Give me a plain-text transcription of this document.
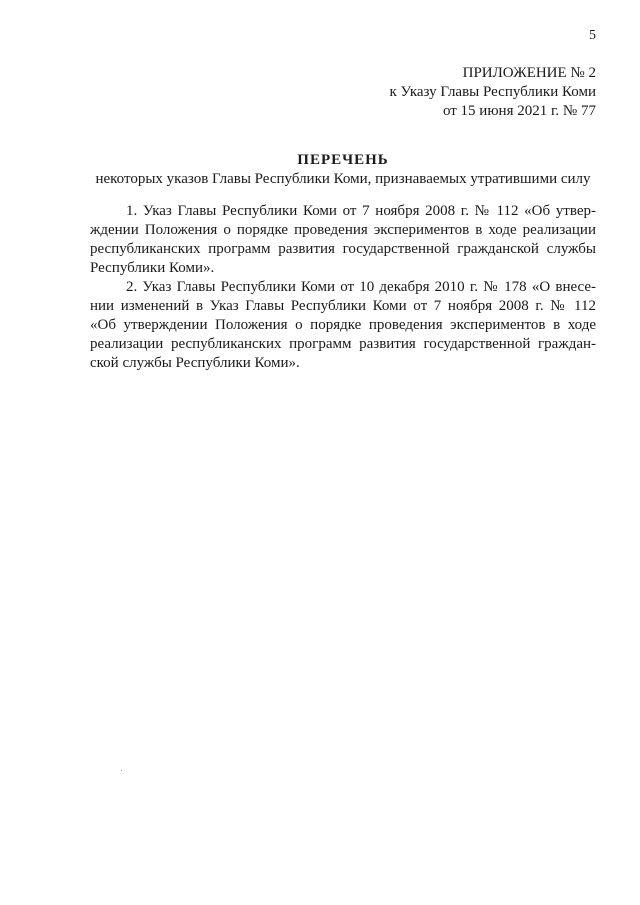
5
ПРИЛОЖЕНИЕ № 2
к Указу Главы Республики Коми
от 15 июня 2021 г. № 77
ПЕРЕЧЕНЬ
некоторых указов Главы Республики Коми, признаваемых утратившими силу
1. Указ Главы Республики Коми от 7 ноября 2008 г. № 112 «Об утвер-
ждении Положения о порядке проведения экспериментов в ходе реализации
республиканских программ развития государственной гражданской службы
Республики Коми».
2. Указ Главы Республики Коми от 10 декабря 2010 г. № 178 «О внесе-
нии изменений в Указ Главы Республики Коми от 7 ноября 2008 г. № 112
«Об утверждении Положения о порядке проведения экспериментов в ходе
реализации республиканских программ развития государственной граждан-
ской службы Республики Коми».
